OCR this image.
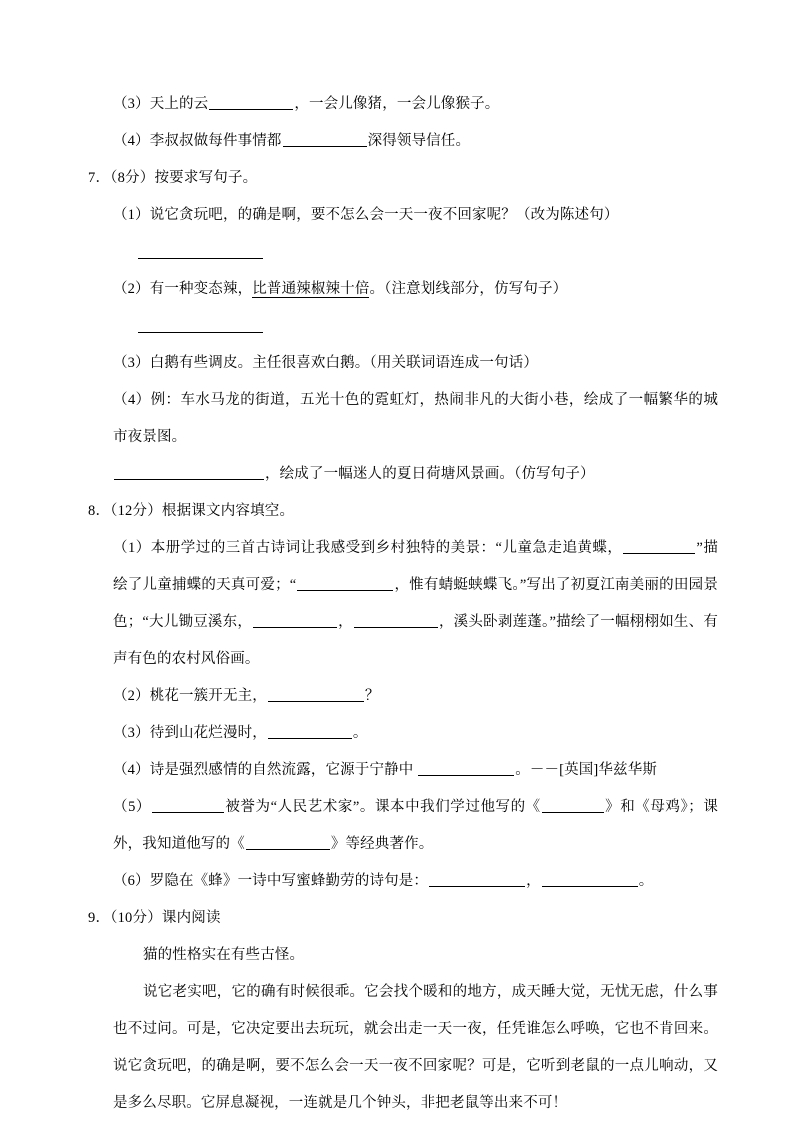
（3）天上的云	，一会儿像猪，一会儿像猴子。

（4）李叔叔做每件事情都	深得领导信任。

7．（8分）按要求写句子。

（1）说它贪玩吧，的确是啊，要不怎么会一天一夜不回家呢？（改为陈述句）

（2）有一种变态辣，比普通辣椒辣十倍。（注意划线部分，仿写句子）

（3）白鹅有些调皮。主任很喜欢白鹅。（用关联词语连成一句话）

（4）例：车水马龙的街道，五光十色的霓虹灯，热闹非凡的大街小巷，绘成了一幅繁华的城市夜景图。

，绘成了一幅迷人的夏日荷塘风景画。（仿写句子）

8．（12分）根据课文内容填空。

（1）本册学过的三首古诗词让我感受到乡村独特的美景：“儿童急走追黄蝶，	”描绘了儿童捕蝶的天真可爱；“	，惟有蜻蜓蛱蝶飞。”写出了初夏江南美丽的田园景色；“大儿锄豆溪东，	，	，溪头卧剥莲蓬。”描绘了一幅栩栩如生、有声有色的农村风俗画。

（2）桃花一簇开无主，	？

（3）待到山花烂漫时，	。

（4）诗是强烈感情的自然流露，它源于宁静中	。－－[英国]华兹华斯

（5）	被誉为“人民艺术家”。课本中我们学过他写的《	》和《母鸡》；课外，我知道他写的《	》等经典著作。

（6）罗隐在《蜂》一诗中写蜜蜂勤劳的诗句是：	，	。

9．（10分）课内阅读

猫的性格实在有些古怪。

说它老实吧，它的确有时候很乖。它会找个暖和的地方，成天睡大觉，无忧无虑，什么事也不过问。可是，它决定要出去玩玩，就会出走一天一夜，任凭谁怎么呼唤，它也不肯回来。说它贪玩吧，的确是啊，要不怎么会一天一夜不回家呢？可是，它听到老鼠的一点儿响动，又是多么尽职。它屏息凝视，一连就是几个钟头，非把老鼠等出来不可！
